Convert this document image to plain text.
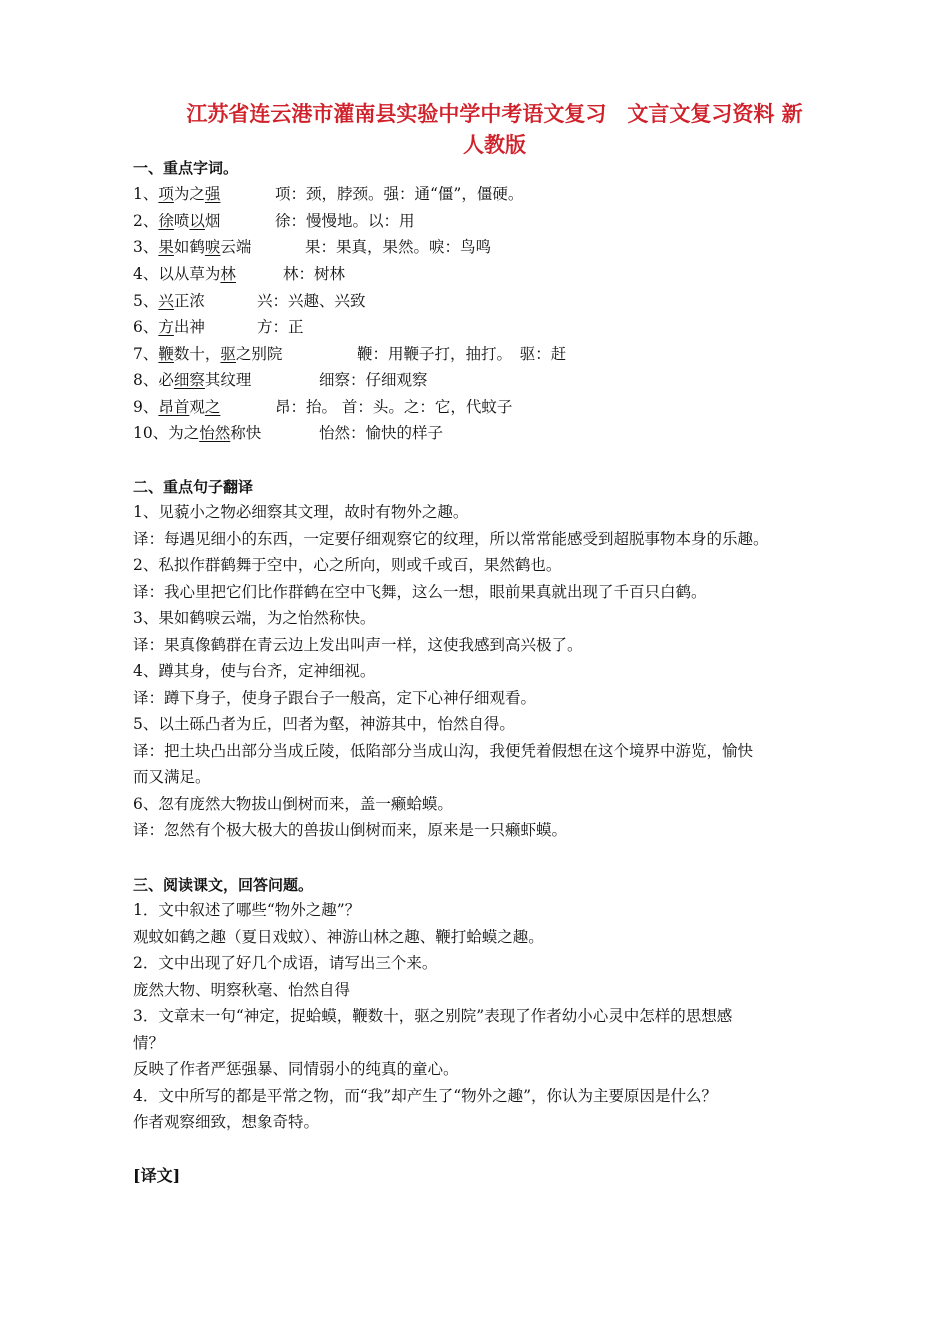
江苏省连云港市灌南县实验中学中考语文复习　文言文复习资料 新
人教版
一、重点字词。
1、项为之强	项：颈，脖颈。强：通“僵”，僵硬。
2、徐喷以烟	徐：慢慢地。以：用
3、果如鹤唳云端	果：果真，果然。唳：鸟鸣
4、以从草为林	林：树林
5、兴正浓	兴：兴趣、兴致
6、方出神	方：正
7、鞭数十，驱之别院	鞭：用鞭子打，抽打。　驱：赶
8、必细察其纹理	细察：仔细观察
9、昂首观之	昂：抬。 首：头。之：它，代蚊子
10、为之怡然称快	怡然：愉快的样子
二、重点句子翻译
1、见藐小之物必细察其文理，故时有物外之趣。
译：每遇见细小的东西，一定要仔细观察它的纹理，所以常常能感受到超脱事物本身的乐趣。
2、私拟作群鹤舞于空中，心之所向，则或千或百，果然鹤也。
译：我心里把它们比作群鹤在空中飞舞，这么一想，眼前果真就出现了千百只白鹤。
3、果如鹤唳云端，为之怡然称快。
译：果真像鹤群在青云边上发出叫声一样，这使我感到高兴极了。
4、蹲其身，使与台齐，定神细视。
译：蹲下身子，使身子跟台子一般高，定下心神仔细观看。
5、以土砾凸者为丘，凹者为壑，神游其中，怡然自得。
译：把土块凸出部分当成丘陵，低陷部分当成山沟，我便凭着假想在这个境界中游览，愉快
而又满足。
6、忽有庞然大物拔山倒树而来，盖一癞蛤蟆。
译：忽然有个极大极大的兽拔山倒树而来，原来是一只癞虾蟆。
三、阅读课文，回答问题。
1．文中叙述了哪些“物外之趣”？
观蚊如鹤之趣（夏日戏蚊）、神游山林之趣、鞭打蛤蟆之趣。
2．文中出现了好几个成语，请写出三个来。
庞然大物、明察秋毫、怡然自得
3．文章末一句“神定，捉蛤蟆，鞭数十，驱之别院”表现了作者幼小心灵中怎样的思想感
情？
反映了作者严惩强暴、同情弱小的纯真的童心。
4．文中所写的都是平常之物，而“我”却产生了“物外之趣”，你认为主要原因是什么？
作者观察细致，想象奇特。
[译文]
